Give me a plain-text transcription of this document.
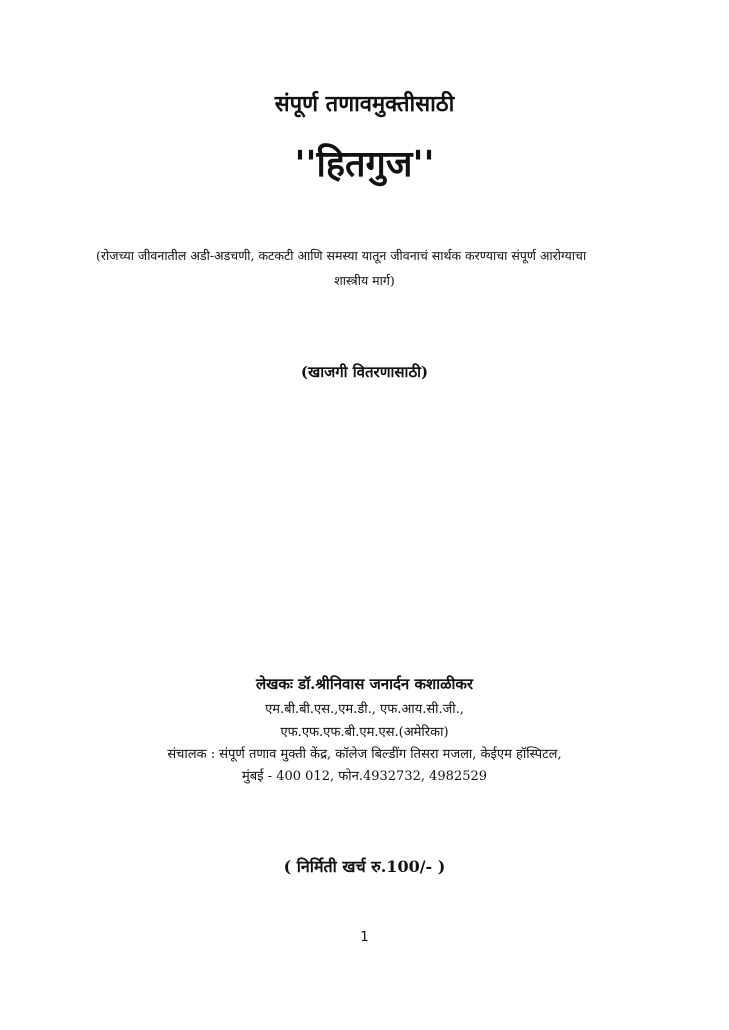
संपूर्ण तणावमुक्तीसाठी
''हितगुज''
(रोजच्या जीवनातील अडी-अडचणी, कटकटी आणि समस्या यातून जीवनाचं सार्थक करण्याचा संपूर्ण आरोग्याचा
शास्त्रीय मार्ग)
(खाजगी वितरणासाठी)
लेखकः डॉ.श्रीनिवास जनार्दन कशाळीकर
एम.बी.बी.एस.,एम.डी., एफ.आय.सी.जी.,
एफ.एफ.एफ.बी.एम.एस.(अमेरिका)
संचालक : संपूर्ण तणाव मुक्ती केंद्र, कॉलेज बिल्डींग तिसरा मजला, केईएम हॉस्पिटल,
मुंबई - 400 012, फोन.4932732, 4982529
( निर्मिती खर्च रु.100/- )
1
